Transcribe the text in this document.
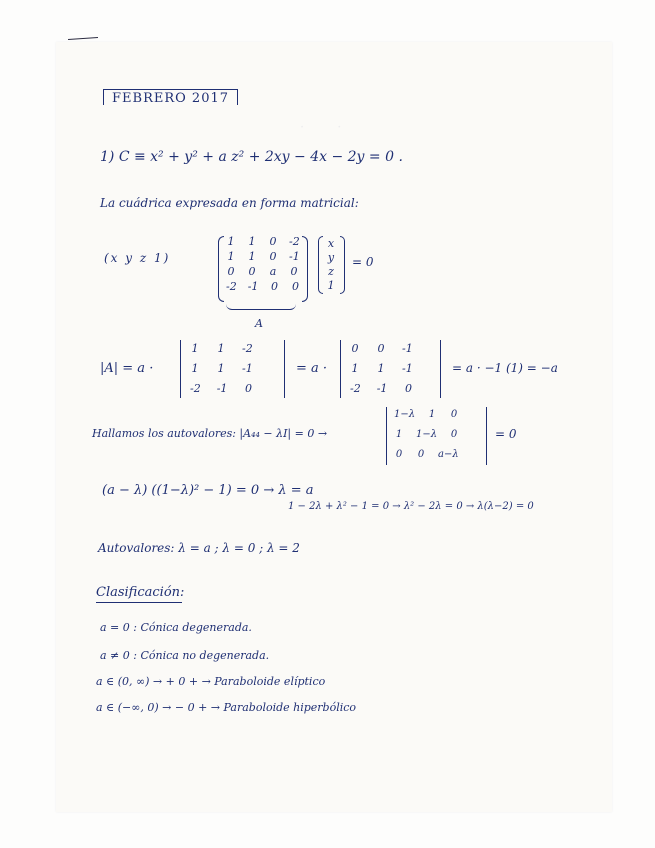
·        ·
FEBRERO 2017
1) C ≡ x² + y² + a z² + 2xy − 4x − 2y = 0 .
La cuádrica expresada en forma matricial:
(x y z 1)
1 1 0 -2
1 1 0 -1
0 0 a 0
-2 -1 0 0
x
y
z
1
= 0
A
|A| = a ·
1 1 -2
1 1 -1
-2 -1 0
= a ·
0 0 -1
1 1 -1
-2 -1 0
= a · −1 (1) = −a
Hallamos los autovalores: |A₄₄ − λI| = 0 →
1−λ 1 0
1 1−λ 0
0 0 a−λ
= 0
(a − λ) ((1−λ)² − 1) = 0 → λ = a
1 − 2λ + λ² − 1 = 0 → λ² − 2λ = 0 → λ(λ−2) = 0
Autovalores: λ = a ; λ = 0 ; λ = 2
Clasificación:
a = 0 : Cónica degenerada.
a ≠ 0 : Cónica no degenerada.
a ∈ (0, ∞) → + 0 + → Paraboloide elíptico
a ∈ (−∞, 0) → − 0 + → Paraboloide hiperbólico
